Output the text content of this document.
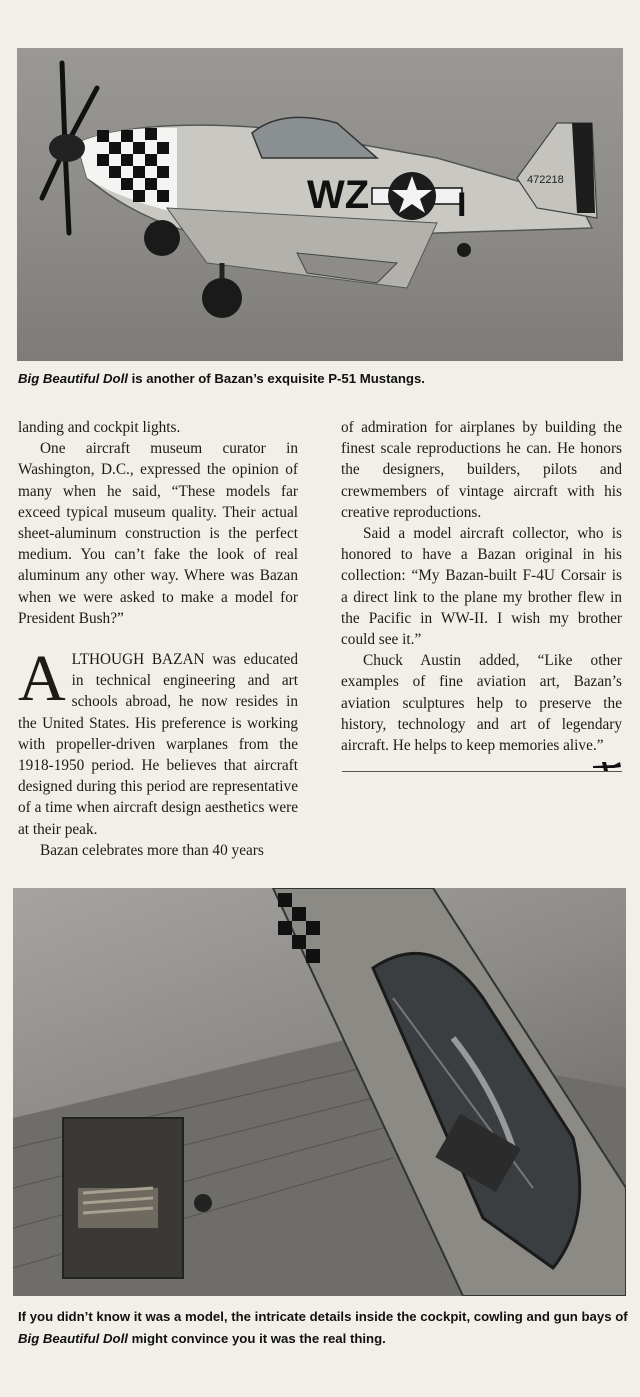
472218
WZ	I
Big Beautiful Doll is another of Bazan’s exquisite P-51 Mustangs.

landing and cockpit lights.

One aircraft museum curator in Washington, D.C., expressed the opinion of many when he said, “These models far exceed typical museum quality. Their actual sheet-aluminum construction is the perfect medium. You can’t fake the look of real aluminum any other way. Where was Bazan when we were asked to make a model for President Bush?”

ALTHOUGH BAZAN was educated in technical engineering and art schools abroad, he now resides in the United States. His preference is working with propeller-driven warplanes from the 1918-1950 period. He believes that aircraft designed during this period are representative of a time when aircraft design aesthetics were at their peak.

Bazan celebrates more than 40 years

of admiration for airplanes by building the finest scale reproductions he can. He honors the designers, builders, pilots and crewmembers of vintage aircraft with his creative reproductions.

Said a model aircraft collector, who is honored to have a Bazan original in his collection: “My Bazan-built F-4U Corsair is a direct link to the plane my brother flew in the Pacific in WW-II. I wish my brother could see it.”

Chuck Austin added, “Like other examples of fine aviation art, Bazan’s aviation sculptures help to preserve the history, technology and art of legendary aircraft. He helps to keep memories alive.”

If you didn’t know it was a model, the intricate details inside the cockpit, cowling and gun bays of Big Beautiful Doll might convince you it was the real thing.
